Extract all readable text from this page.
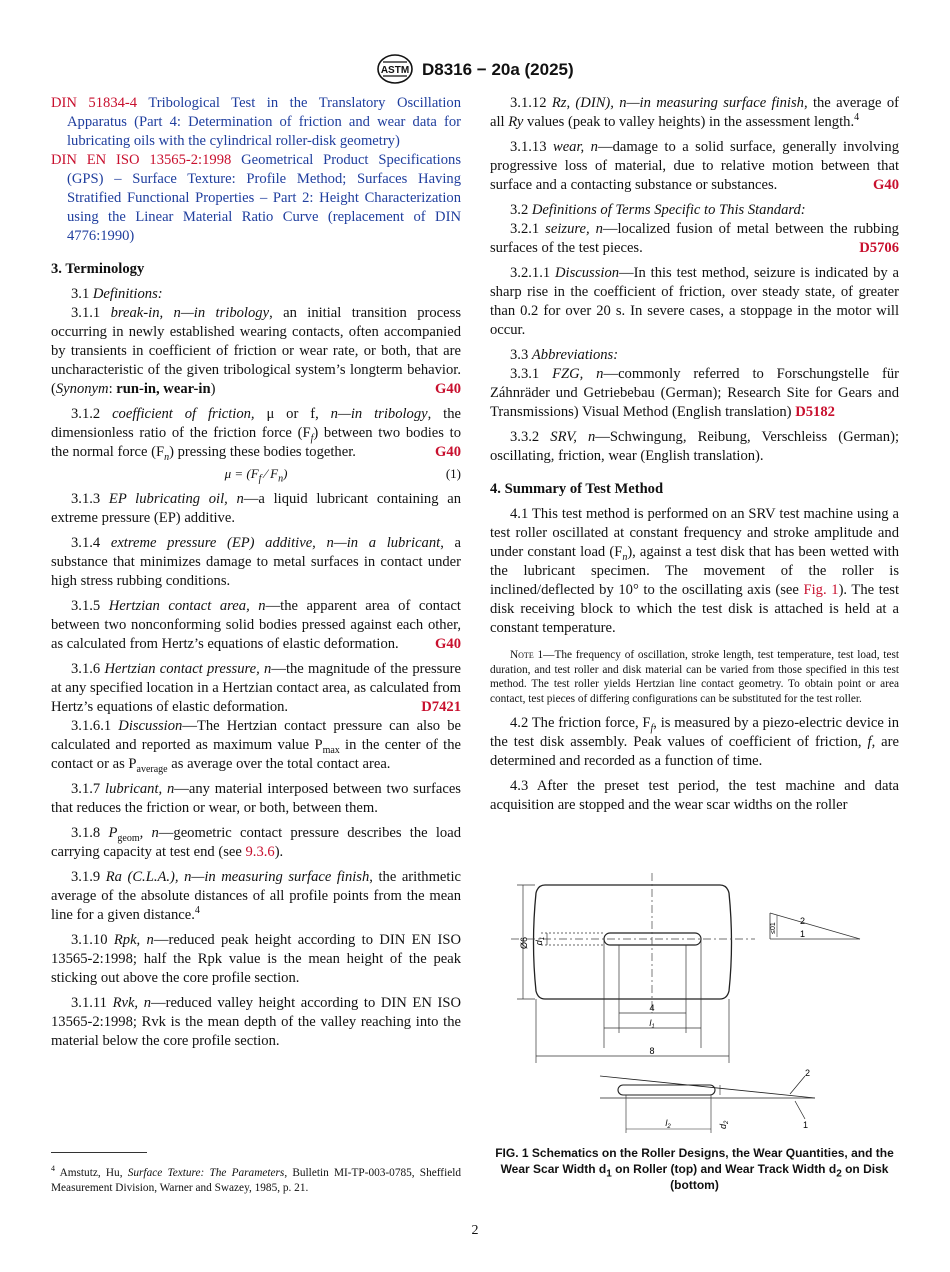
ASTM D8316 − 20a (2025)

DIN 51834-4 Tribological Test in the Translatory Oscillation Apparatus (Part 4: Determination of friction and wear data for lubricating oils with the cylindrical roller-disk geometry)

DIN EN ISO 13565-2:1998 Geometrical Product Specifications (GPS) – Surface Texture: Profile Method; Surfaces Having Stratified Functional Properties – Part 2: Height Characterization using the Linear Material Ratio Curve (replacement of DIN 4776:1990)

3. Terminology

3.1 Definitions:

3.1.1 break-in, n—in tribology, an initial transition process occurring in newly established wearing contacts, often accompanied by transients in coefficient of friction or wear rate, or both, that are uncharacteristic of the given tribological system’s longterm behavior. (Synonym: run-in, wear-in)	G40

3.1.2 coefficient of friction, μ or f, n—in tribology, the dimensionless ratio of the friction force $(F_f)$ between two bodies to the normal force $(F_n)$ pressing these bodies together.	G40

$\mu = (F_f$ ⁄ $F_n$)	(1)

3.1.3 EP lubricating oil, n—a liquid lubricant containing an extreme pressure (EP) additive.

3.1.4 extreme pressure (EP) additive, n—in a lubricant, a substance that minimizes damage to metal surfaces in contact under high stress rubbing conditions.

3.1.5 Hertzian contact area, n—the apparent area of contact between two nonconforming solid bodies pressed against each other, as calculated from Hertz’s equations of elastic deformation.	G40

3.1.6 Hertzian contact pressure, n—the magnitude of the pressure at any specified location in a Hertzian contact area, as calculated from Hertz’s equations of elastic deformation.	D7421

3.1.6.1 Discussion—The Hertzian contact pressure can also be calculated and reported as maximum value $P_{max}$ in the center of the contact or as $P_{average}$ as average over the total contact area.

3.1.7 lubricant, n—any material interposed between two surfaces that reduces the friction or wear, or both, between them.

3.1.8 $P_{geom}$, n—geometric contact pressure describes the load carrying capacity at test end (see 9.3.6).

3.1.9 Ra (C.L.A.), n—in measuring surface finish, the arithmetic average of the absolute distances of all profile points from the mean line for a given distance.$^4$

3.1.10 Rpk, n—reduced peak height according to DIN EN ISO 13565-2:1998; half the Rpk value is the mean height of the peak sticking out above the core profile section.

3.1.11 Rvk, n—reduced valley height according to DIN EN ISO 13565-2:1998; Rvk is the mean depth of the valley reaching into the material below the core profile section.

3.1.12 Rz, (DIN), n—in measuring surface finish, the average of all Ry values (peak to valley heights) in the assessment length.$^4$

3.1.13 wear, n—damage to a solid surface, generally involving progressive loss of material, due to relative motion between that surface and a contacting substance or substances.	G40

3.2 Definitions of Terms Specific to This Standard:

3.2.1 seizure, n—localized fusion of metal between the rubbing surfaces of the test pieces.	D5706

3.2.1.1 Discussion—In this test method, seizure is indicated by a sharp rise in the coefficient of friction, over steady state, of greater than 0.2 for over 20 s. In severe cases, a stoppage in the motor will occur.

3.3 Abbreviations:

3.3.1 FZG, n—commonly referred to Forschungstelle für Záhnräder und Getriebebau (German); Research Site for Gears and Transmissions) Visual Method (English translation) D5182

3.3.2 SRV, n—Schwingung, Reibung, Verschleiss (German); oscillating, friction, wear (English translation).

4. Summary of Test Method

4.1 This test method is performed on an SRV test machine using a test roller oscillated at constant frequency and stroke amplitude and under constant load $(F_n)$, against a test disk that has been wetted with the lubricant specimen. The movement of the roller is inclined/deflected by 10° to the oscillating axis (see Fig. 1). The test disk receiving block to which the test disk is attached is held at a constant temperature.

Note 1—The frequency of oscillation, stroke length, test temperature, test load, test duration, and test roller and disk material can be varied from those specified in this test method. The test roller yields Hertzian line contact geometry. To obtain point or area contact, test pieces of differing configurations can be substituted for the test roller.

4.2 The friction force, $F_f$, is measured by a piezo-electric device in the test disk assembly. Peak values of coefficient of friction, f, are determined and recorded as a function of time.

4.3 After the preset test period, the test machine and data acquisition are stopped and the wear scar widths on the roller

Ø6 $d_1$
≤01
2
1
4
$l_1$
8
2
1
$l_2$	$d_2$
FIG. 1 Schematics on the Roller Designs, the Wear Quantities, and the Wear Scar Width $d_1$ on Roller (top) and Wear Track Width $d_2$ on Disk (bottom)
$^4$ Amstutz, Hu, Surface Texture: The Parameters, Bulletin MI-TP-003-0785, Sheffield Measurement Division, Warner and Swazey, 1985, p. 21.
2
